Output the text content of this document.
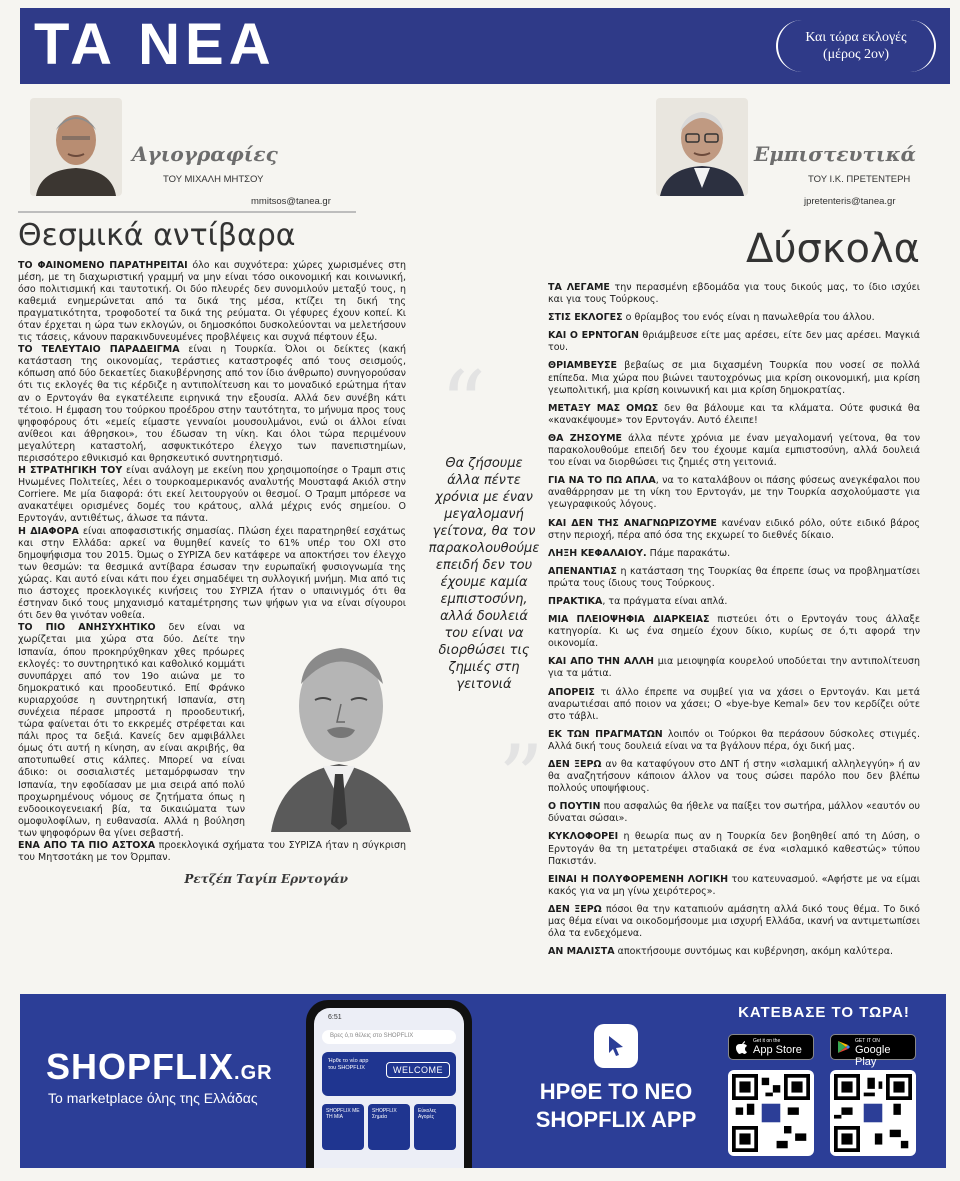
ΤΑ ΝΕΑ	Και τώρα εκλογές
(μέρος 2ον)
Αγιογραφίες
ΤΟΥ ΜΙΧΑΛΗ ΜΗΤΣΟΥ
mmitsos@tanea.gr
Θεσμικά αντίβαρα

ΤΟ ΦΑΙΝΟΜΕΝΟ ΠΑΡΑΤΗΡΕΙΤΑΙ όλο και συχνότερα: χώρες χωρισμένες στη μέση, με τη διαχωριστική γραμμή να μην είναι τόσο οικονομική και κοινωνική, όσο πολιτισμική και ταυτοτική. Οι δύο πλευρές δεν συνομιλούν μεταξύ τους, η καθεμιά ενημερώνεται από τα δικά της μέσα, κτίζει τη δική της πραγματικότητα, τροφοδοτεί τα δικά της ρεύματα. Οι γέφυρες έχουν κοπεί. Κι όταν έρχεται η ώρα των εκλογών, οι δημοσκόποι δυσκολεύονται να μελετήσουν τις τάσεις, κάνουν παρακινδυνευμένες προβλέψεις και συχνά πέφτουν έξω.

ΤΟ ΤΕΛΕΥΤΑΙΟ ΠΑΡΑΔΕΙΓΜΑ είναι η Τουρκία. Όλοι οι δείκτες (κακή κατάσταση της οικονομίας, τεράστιες καταστροφές από τους σεισμούς, κόπωση από δύο δεκαετίες διακυβέρνησης από τον ίδιο άνθρωπο) συνηγορούσαν ότι τις εκλογές θα τις κέρδιζε η αντιπολίτευση και το μοναδικό ερώτημα ήταν αν ο Ερντογάν θα εγκατέλειπε ειρηνικά την εξουσία. Αλλά δεν συνέβη κάτι τέτοιο. Η έμφαση του τούρκου προέδρου στην ταυτότητα, το μήνυμα προς τους ψηφοφόρους ότι «εμείς είμαστε γενναίοι μουσουλμάνοι, ενώ οι άλλοι είναι ανίθεοι και άθρησκοι», του έδωσαν τη νίκη. Και όλοι τώρα περιμένουν μεγαλύτερη καταστολή, ασφυκτικότερο έλεγχο των πανεπιστημίων, περισσότερο εθνικισμό και θρησκευτικό συντηρητισμό.

Η ΣΤΡΑΤΗΓΙΚΗ ΤΟΥ είναι ανάλογη με εκείνη που χρησιμοποίησε ο Τραμπ στις Ηνωμένες Πολιτείες, λέει ο τουρκοαμερικανός αναλυτής Μουσταφά Ακιόλ στην Corriere. Με μία διαφορά: ότι εκεί λειτουργούν οι θεσμοί. Ο Τραμπ μπόρεσε να ανακατέψει ορισμένες δομές του κράτους, αλλά μέχρις ενός σημείου. Ο Ερντογάν, αντιθέτως, άλωσε τα πάντα.

Η ΔΙΑΦΟΡΑ είναι αποφασιστικής σημασίας. Πλώση έχει παρατηρηθεί εσχάτως και στην Ελλάδα: αρκεί να θυμηθεί κανείς το 61% υπέρ του ΟΧΙ στο δημοψήφισμα του 2015. Όμως ο ΣΥΡΙΖΑ δεν κατάφερε να αποκτήσει τον έλεγχο των θεσμών: τα θεσμικά αντίβαρα έσωσαν την ευρωπαϊκή φυσιογνωμία της χώρας. Και αυτό είναι κάτι που έχει σημαδέψει τη συλλογική μνήμη. Μια από τις πιο άστοχες προεκλογικές κινήσεις του ΣΥΡΙΖΑ ήταν ο υπαινιγμός ότι θα έστηναν δικό τους μηχανισμό καταμέτρησης των ψήφων για να είναι σίγουροι ότι δεν θα γινόταν νοθεία.

ΤΟ ΠΙΟ ΑΝΗΣΥΧΗΤΙΚΟ δεν είναι να χωρίζεται μια χώρα στα δύο. Δείτε την Ισπανία, όπου προκηρύχθηκαν χθες πρόωρες εκλογές: το συντηρητικό και καθολικό κομμάτι συνυπάρχει από τον 19ο αιώνα με το δημοκρατικό και προοδευτικό. Επί Φράνκο κυριαρχούσε η συντηρητική Ισπανία, στη συνέχεια πέρασε μπροστά η προοδευτική, τώρα φαίνεται ότι το εκκρεμές στρέφεται και πάλι προς τα δεξιά. Κανείς δεν αμφιβάλλει όμως ότι αυτή η κίνηση, αν είναι ακριβής, θα αποτυπωθεί στις κάλπες. Μπορεί να είναι άδικο: οι σοσιαλιστές μεταμόρφωσαν την Ισπανία, την εφοδίασαν με μια σειρά από πολύ προχωρημένους νόμους σε ζητήματα όπως η ενδοοικογενειακή βία, τα δικαιώματα των ομοφυλοφίλων, η ευθανασία. Αλλά η βούληση των ψηφοφόρων θα γίνει σεβαστή.

ΕΝΑ ΑΠΟ ΤΑ ΠΙΟ ΑΣΤΟΧΑ προεκλογικά σχήματα του ΣΥΡΙΖΑ ήταν η σύγκριση του Μητσοτάκη με τον Όρμπαν.

Ρετζέπ Ταγίπ Ερντογάν
“

Θα ζήσουμε άλλα πέντε χρόνια με έναν μεγαλομανή γείτονα, θα τον παρακολουθούμε επειδή δεν του έχουμε καμία εμπιστοσύνη, αλλά δουλειά του είναι να διορθώσει τις ζημιές στη γειτονιά

”
Εμπιστευτικά
ΤΟΥ Ι.Κ. ΠΡΕΤΕΝΤΕΡΗ
jpretenteris@tanea.gr
Δύσκολα

ΤΑ ΛΕΓΑΜΕ την περασμένη εβδομάδα για τους δικούς μας, το ίδιο ισχύει και για τους Τούρκους.

ΣΤΙΣ ΕΚΛΟΓΕΣ ο θρίαμβος του ενός είναι η πανωλεθρία του άλλου.

ΚΑΙ Ο ΕΡΝΤΟΓΑΝ θριάμβευσε είτε μας αρέσει, είτε δεν μας αρέσει. Μαγκιά του.

ΘΡΙΑΜΒΕΥΣΕ βεβαίως σε μια διχασμένη Τουρκία που νοσεί σε πολλά επίπεδα. Μια χώρα που βιώνει ταυτοχρόνως μια κρίση οικονομική, μια κρίση γεωπολιτική, μια κρίση κοινωνική και μια κρίση δημοκρατίας.

ΜΕΤΑΞΥ ΜΑΣ ΟΜΩΣ δεν θα βάλουμε και τα κλάματα. Ούτε φυσικά θα «κανακέψουμε» τον Ερντογάν. Αυτό έλειπε!

ΘΑ ΖΗΣΟΥΜΕ άλλα πέντε χρόνια με έναν μεγαλομανή γείτονα, θα τον παρακολουθούμε επειδή δεν του έχουμε καμία εμπιστοσύνη, αλλά δουλειά του είναι να διορθώσει τις ζημιές στη γειτονιά.

ΓΙΑ ΝΑ ΤΟ ΠΩ ΑΠΛΑ, να το καταλάβουν οι πάσης φύσεως ανεγκέφαλοι που αναθάρρησαν με τη νίκη του Ερντογάν, με την Τουρκία ασχολούμαστε για γεωγραφικούς λόγους.

ΚΑΙ ΔΕΝ ΤΗΣ ΑΝΑΓΝΩΡΙΖΟΥΜΕ κανέναν ειδικό ρόλο, ούτε ειδικό βάρος στην περιοχή, πέρα από όσα της εκχωρεί το διεθνές δίκαιο.

ΛΗΞΗ ΚΕΦΑΛΑΙΟΥ. Πάμε παρακάτω.

ΑΠΕΝΑΝΤΙΑΣ η κατάσταση της Τουρκίας θα έπρεπε ίσως να προβληματίσει πρώτα τους ίδιους τους Τούρκους.

ΠΡΑΚΤΙΚΑ, τα πράγματα είναι απλά.

ΜΙΑ ΠΛΕΙΟΨΗΦΙΑ ΔΙΑΡΚΕΙΑΣ πιστεύει ότι ο Ερντογάν τους άλλαξε κατηγορία. Κι ως ένα σημείο έχουν δίκιο, κυρίως σε ό,τι αφορά την οικονομία.

ΚΑΙ ΑΠΟ ΤΗΝ ΑΛΛΗ μια μειοψηφία κουρελού υποδύεται την αντιπολίτευση για τα μάτια.

ΑΠΟΡΕΙΣ τι άλλο έπρεπε να συμβεί για να χάσει ο Ερντογάν. Και μετά αναρωτιέσαι από ποιον να χάσει; Ο «bye-bye Kemal» δεν τον κερδίζει ούτε στο τάβλι.

ΕΚ ΤΩΝ ΠΡΑΓΜΑΤΩΝ λοιπόν οι Τούρκοι θα περάσουν δύσκολες στιγμές. Αλλά δική τους δουλειά είναι να τα βγάλουν πέρα, όχι δική μας.

ΔΕΝ ΞΕΡΩ αν θα καταφύγουν στο ΔΝΤ ή στην «ισλαμική αλληλεγγύη» ή αν θα αναζητήσουν κάποιον άλλον να τους σώσει παρόλο που δεν βλέπω πολλούς υποψήφιους.

Ο ΠΟΥΤΙΝ που ασφαλώς θα ήθελε να παίξει τον σωτήρα, μάλλον «εαυτόν ου δύναται σώσαι».

ΚΥΚΛΟΦΟΡΕΙ η θεωρία πως αν η Τουρκία δεν βοηθηθεί από τη Δύση, ο Ερντογάν θα τη μετατρέψει σταδιακά σε ένα «ισλαμικό καθεστώς» τύπου Πακιστάν.

ΕΙΝΑΙ Η ΠΟΛΥΦΟΡΕΜΕΝΗ ΛΟΓΙΚΗ του κατευνασμού. «Αφήστε με να είμαι κακός για να μη γίνω χειρότερος».

ΔΕΝ ΞΕΡΩ πόσοι θα την καταπιούν αμάσητη αλλά δικό τους θέμα. Το δικό μας θέμα είναι να οικοδομήσουμε μια ισχυρή Ελλάδα, ικανή να αντιμετωπίσει όλα τα ενδεχόμενα.

ΑΝ ΜΑΛΙΣΤΑ αποκτήσουμε συντόμως και κυβέρνηση, ακόμη καλύτερα.

SHOPFLIX.GR
Το marketplace όλης της Ελλάδας
6:51
Βρες ό,τι θέλεις στο SHOPFLIX
Ήρθε το νέο app του SHOPFLIX	WELCOME
SHOPFLIX ΜΕ ΤΗ ΜΙΑ
SHOPFLIX Σημεία
Εύκολες Αγορές
ΗΡΘΕ ΤΟ ΝΕΟ
SHOPFLIX APP
ΚΑΤΕΒΑΣΕ ΤΟ ΤΩΡΑ!
Get it on the
App Store
GET IT ON
Google Play
